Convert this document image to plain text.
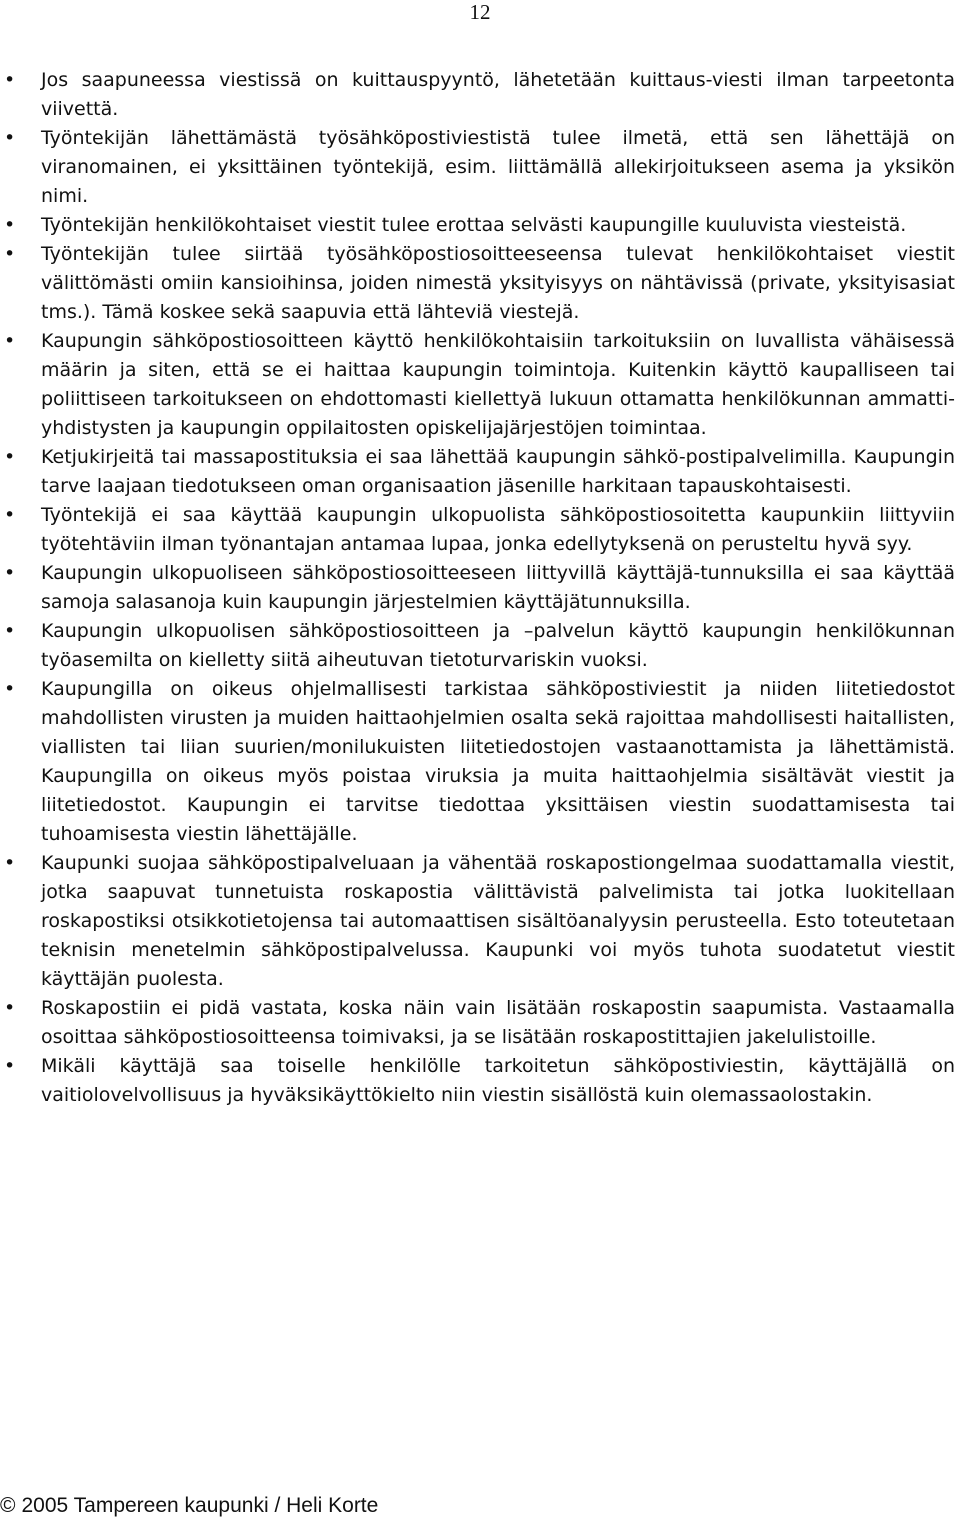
12
• Jos saapuneessa viestissä on kuittauspyyntö, lähetetään kuittaus-viesti ilman tarpeetonta viivettä.
• Työntekijän lähettämästä työsähköpostiviestistä tulee ilmetä, että sen lähettäjä on viranomainen, ei yksittäinen työntekijä, esim. liittämällä allekirjoitukseen asema ja yksikön nimi.
• Työntekijän henkilökohtaiset viestit tulee erottaa selvästi kaupungille kuuluvista viesteistä.
• Työntekijän tulee siirtää työsähköpostiosoitteeseensa tulevat henkilökohtaiset viestit välittömästi omiin kansioihinsa, joiden nimestä yksityisyys on nähtävissä (private, yksityisasiat tms.). Tämä koskee sekä saapuvia että lähteviä viestejä.
• Kaupungin sähköpostiosoitteen käyttö henkilökohtaisiin tarkoituksiin on luvallista vähäisessä määrin ja siten, että se ei haittaa kaupungin toimintoja. Kuitenkin käyttö kaupalliseen tai poliittiseen tarkoitukseen on ehdottomasti kiellettyä lukuun ottamatta henkilökunnan ammatti-yhdistysten ja kaupungin oppilaitosten opiskelijajärjestöjen toimintaa.
• Ketjukirjeitä tai massapostituksia ei saa lähettää kaupungin sähkö-postipalvelimilla. Kaupungin tarve laajaan tiedotukseen oman organisaation jäsenille harkitaan tapauskohtaisesti.
• Työntekijä ei saa käyttää kaupungin ulkopuolista sähköpostiosoitetta kaupunkiin liittyviin työtehtäviin ilman työnantajan antamaa lupaa, jonka edellytyksenä on perusteltu hyvä syy.
• Kaupungin ulkopuoliseen sähköpostiosoitteeseen liittyvillä käyttäjä-tunnuksilla ei saa käyttää samoja salasanoja kuin kaupungin järjestelmien käyttäjätunnuksilla.
• Kaupungin ulkopuolisen sähköpostiosoitteen ja –palvelun käyttö kaupungin henkilökunnan työasemilta on kielletty siitä aiheutuvan tietoturvariskin vuoksi.
• Kaupungilla on oikeus ohjelmallisesti tarkistaa sähköpostiviestit ja niiden liitetiedostot mahdollisten virusten ja muiden haittaohjelmien osalta sekä rajoittaa mahdollisesti haitallisten, viallisten tai liian suurien/monilukuisten liitetiedostojen vastaanottamista ja lähettämistä. Kaupungilla on oikeus myös poistaa viruksia ja muita haittaohjelmia sisältävät viestit ja liitetiedostot. Kaupungin ei tarvitse tiedottaa yksittäisen viestin suodattamisesta tai tuhoamisesta viestin lähettäjälle.
• Kaupunki suojaa sähköpostipalveluaan ja vähentää roskapostiongelmaa suodattamalla viestit, jotka saapuvat tunnetuista roskapostia välittävistä palvelimista tai jotka luokitellaan roskapostiksi otsikkotietojensa tai automaattisen sisältöanalyysin perusteella. Esto toteutetaan teknisin menetelmin sähköpostipalvelussa. Kaupunki voi myös tuhota suodatetut viestit käyttäjän puolesta.
• Roskapostiin ei pidä vastata, koska näin vain lisätään roskapostin saapumista. Vastaamalla osoittaa sähköpostiosoitteensa toimivaksi, ja se lisätään roskapostittajien jakelulistoille.
• Mikäli käyttäjä saa toiselle henkilölle tarkoitetun sähköpostiviestin, käyttäjällä on vaitiolovelvollisuus ja hyväksikäyttökielto niin viestin sisällöstä kuin olemassaolostakin.
© 2005 Tampereen kaupunki / Heli Korte
